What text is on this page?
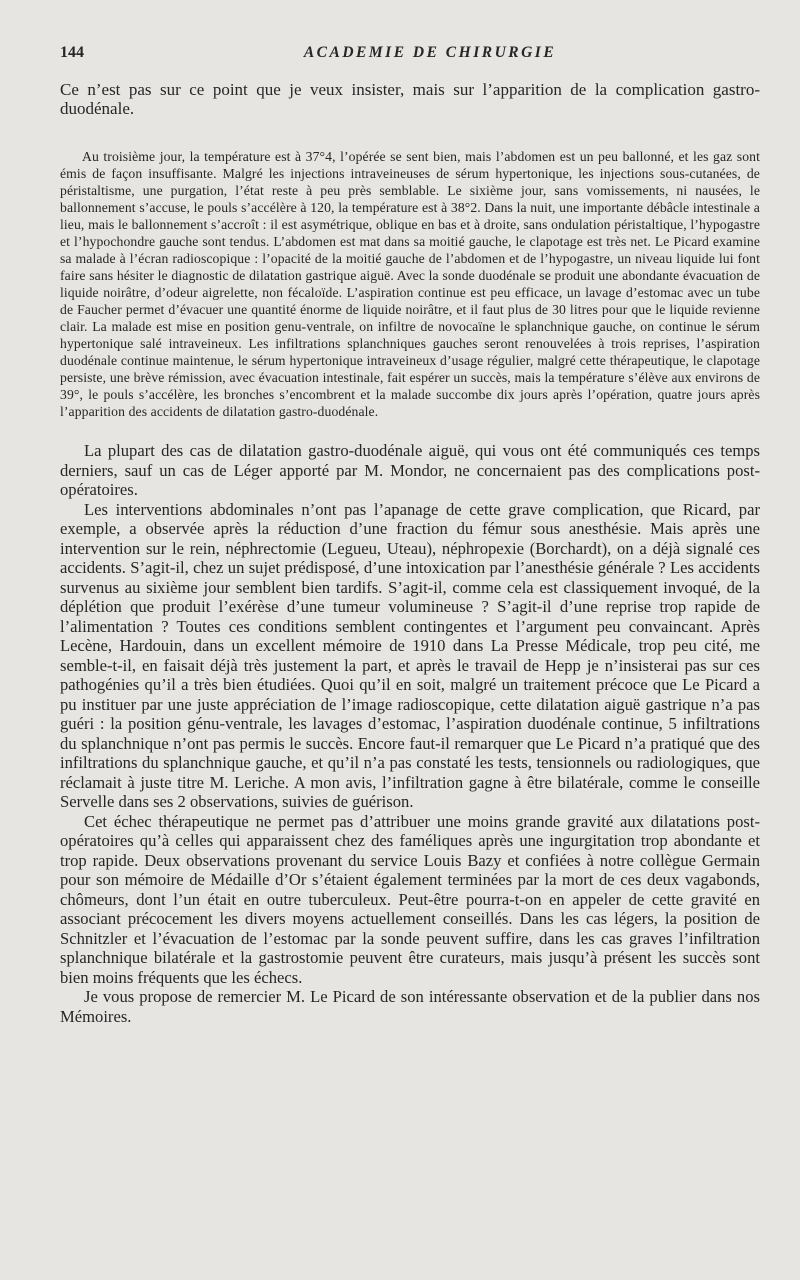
144	ACADEMIE DE CHIRURGIE

Ce n’est pas sur ce point que je veux insister, mais sur l’apparition de la complication gastro-duodénale.

Au troisième jour, la température est à 37°4, l’opérée se sent bien, mais l’abdomen est un peu ballonné, et les gaz sont émis de façon insuffisante. Malgré les injections intraveineuses de sérum hypertonique, les injections sous-cutanées, de péristaltisme, une purgation, l’état reste à peu près semblable. Le sixième jour, sans vomissements, ni nausées, le ballonnement s’accuse, le pouls s’accélère à 120, la température est à 38°2. Dans la nuit, une importante débâcle intestinale a lieu, mais le ballonnement s’accroît : il est asymétrique, oblique en bas et à droite, sans ondulation péristaltique, l’hypogastre et l’hypochondre gauche sont tendus. L’abdomen est mat dans sa moitié gauche, le clapotage est très net. Le Picard examine sa malade à l’écran radioscopique : l’opacité de la moitié gauche de l’abdomen et de l’hypogastre, un niveau liquide lui font faire sans hésiter le diagnostic de dilatation gastrique aiguë. Avec la sonde duodénale se produit une abondante évacuation de liquide noirâtre, d’odeur aigrelette, non fécaloïde. L’aspiration continue est peu efficace, un lavage d’estomac avec un tube de Faucher permet d’évacuer une quantité énorme de liquide noirâtre, et il faut plus de 30 litres pour que le liquide revienne clair. La malade est mise en position genu-ventrale, on infiltre de novocaïne le splanchnique gauche, on continue le sérum hypertonique salé intraveineux. Les infiltrations splanchniques gauches seront renouvelées à trois reprises, l’aspiration duodénale continue maintenue, le sérum hypertonique intraveineux d’usage régulier, malgré cette thérapeutique, le clapotage persiste, une brève rémission, avec évacuation intestinale, fait espérer un succès, mais la température s’élève aux environs de 39°, le pouls s’accélère, les bronches s’encombrent et la malade succombe dix jours après l’opération, quatre jours après l’apparition des accidents de dilatation gastro-duodénale.

La plupart des cas de dilatation gastro-duodénale aiguë, qui vous ont été communiqués ces temps derniers, sauf un cas de Léger apporté par M. Mondor, ne concernaient pas des complications post-opératoires.

Les interventions abdominales n’ont pas l’apanage de cette grave complication, que Ricard, par exemple, a observée après la réduction d’une fraction du fémur sous anesthésie. Mais après une intervention sur le rein, néphrectomie (Legueu, Uteau), néphropexie (Borchardt), on a déjà signalé ces accidents. S’agit-il, chez un sujet prédisposé, d’une intoxication par l’anesthésie générale ? Les accidents survenus au sixième jour semblent bien tardifs. S’agit-il, comme cela est classiquement invoqué, de la déplétion que produit l’exérèse d’une tumeur volumineuse ? S’agit-il d’une reprise trop rapide de l’alimentation ? Toutes ces conditions semblent contingentes et l’argument peu convaincant. Après Lecène, Hardouin, dans un excellent mémoire de 1910 dans La Presse Médicale, trop peu cité, me semble-t-il, en faisait déjà très justement la part, et après le travail de Hepp je n’insisterai pas sur ces pathogénies qu’il a très bien étudiées. Quoi qu’il en soit, malgré un traitement précoce que Le Picard a pu instituer par une juste appréciation de l’image radioscopique, cette dilatation aiguë gastrique n’a pas guéri : la position génu-ventrale, les lavages d’estomac, l’aspiration duodénale continue, 5 infiltrations du splanchnique n’ont pas permis le succès. Encore faut-il remarquer que Le Picard n’a pratiqué que des infiltrations du splanchnique gauche, et qu’il n’a pas constaté les tests, tensionnels ou radiologiques, que réclamait à juste titre M. Leriche. A mon avis, l’infiltration gagne à être bilatérale, comme le conseille Servelle dans ses 2 observations, suivies de guérison.

Cet échec thérapeutique ne permet pas d’attribuer une moins grande gravité aux dilatations post-opératoires qu’à celles qui apparaissent chez des faméliques après une ingurgitation trop abondante et trop rapide. Deux observations provenant du service Louis Bazy et confiées à notre collègue Germain pour son mémoire de Médaille d’Or s’étaient également terminées par la mort de ces deux vagabonds, chômeurs, dont l’un était en outre tuberculeux. Peut-être pourra-t-on en appeler de cette gravité en associant précocement les divers moyens actuellement conseillés. Dans les cas légers, la position de Schnitzler et l’évacuation de l’estomac par la sonde peuvent suffire, dans les cas graves l’infiltration splanchnique bilatérale et la gastrostomie peuvent être curateurs, mais jusqu’à présent les succès sont bien moins fréquents que les échecs.

Je vous propose de remercier M. Le Picard de son intéressante observation et de la publier dans nos Mémoires.
